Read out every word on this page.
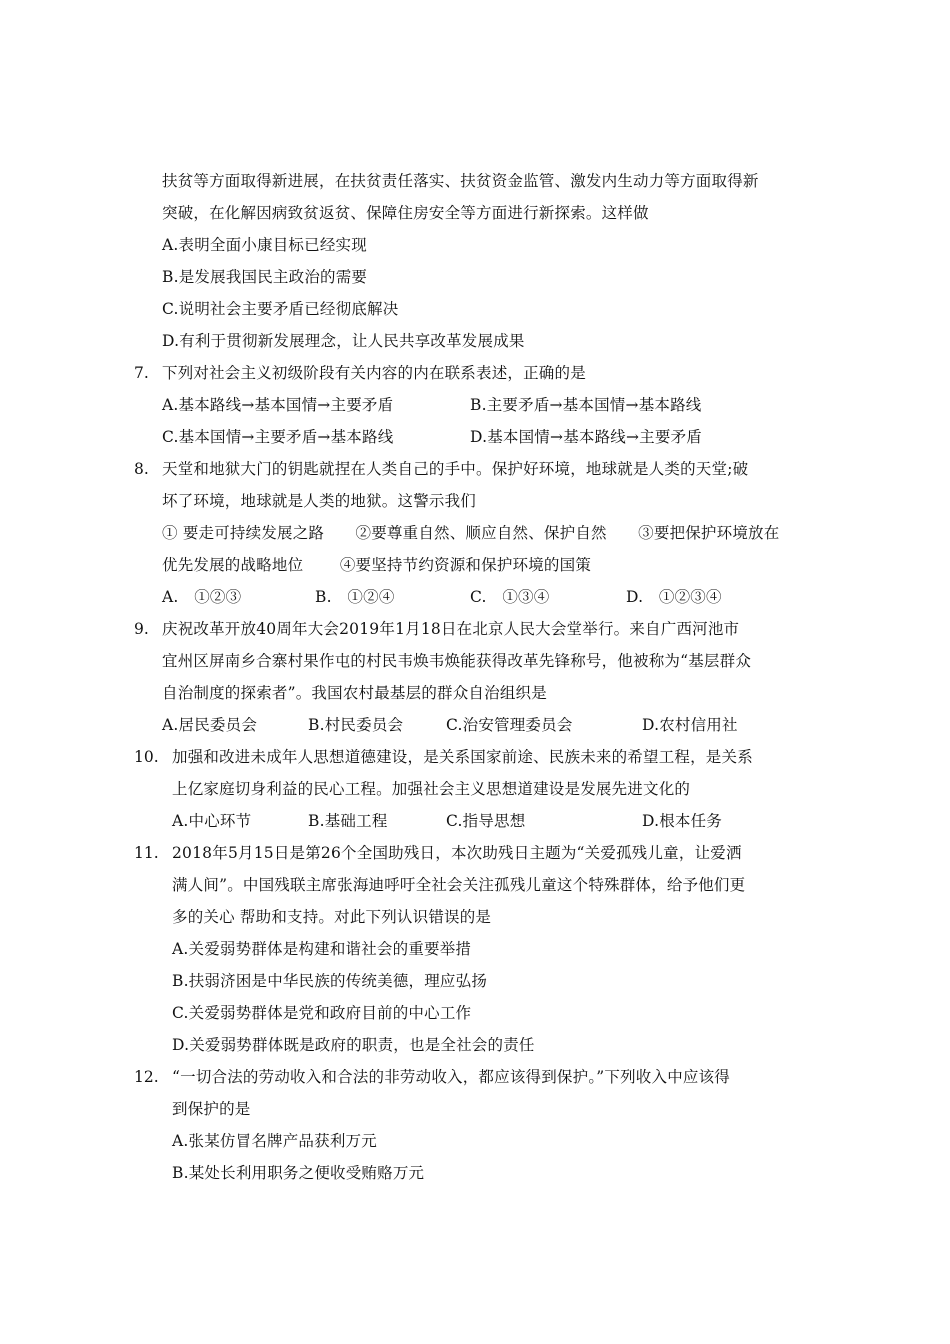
扶贫等方面取得新进展，在扶贫责任落实、扶贫资金监管、激发内生动力等方面取得新
突破，在化解因病致贫返贫、保障住房安全等方面进行新探索。这样做
A.表明全面小康目标已经实现
B.是发展我国民主政治的需要
C.说明社会主要矛盾已经彻底解决
D.有利于贯彻新发展理念，让人民共享改革发展成果
7. 下列对社会主义初级阶段有关内容的内在联系表述，正确的是
A.基本路线→基本国情→主要矛盾	B.主要矛盾→基本国情→基本路线
C.基本国情→主要矛盾→基本路线	D.基本国情→基本路线→主要矛盾
8. 天堂和地狱大门的钥匙就捏在人类自己的手中。保护好环境，地球就是人类的天堂;破
坏了环境，地球就是人类的地狱。这警示我们
① 要走可持续发展之路　　②要尊重自然、顺应自然、保护自然　　③要把保护环境放在
优先发展的战略地位　　 ④要坚持节约资源和保护环境的国策
A.　①②③	B.　①②④	C.　①③④	D.　①②③④
9. 庆祝改革开放40周年大会2019年1月18日在北京人民大会堂举行。来自广西河池市
宜州区屏南乡合寨村果作屯的村民韦焕韦焕能获得改革先锋称号，他被称为“基层群众
自治制度的探索者”。我国农村最基层的群众自治组织是
A.居民委员会	B.村民委员会	C.治安管理委员会	D.农村信用社
10. 加强和改进未成年人思想道德建设，是关系国家前途、民族未来的希望工程，是关系
上亿家庭切身利益的民心工程。加强社会主义思想道建设是发展先进文化的
A.中心环节	B.基础工程	C.指导思想	D.根本任务
11. 2018年5月15日是第26个全国助残日，本次助残日主题为“关爱孤残儿童，让爱洒
满人间”。中国残联主席张海迪呼吁全社会关注孤残儿童这个特殊群体，给予他们更
多的关心 帮助和支持。对此下列认识错误的是
A.关爱弱势群体是构建和谐社会的重要举措
B.扶弱济困是中华民族的传统美德，理应弘扬
C.关爱弱势群体是党和政府目前的中心工作
D.关爱弱势群体既是政府的职责，也是全社会的责任
12. “一切合法的劳动收入和合法的非劳动收入，都应该得到保护。”下列收入中应该得
到保护的是
A.张某仿冒名牌产品获利万元
B.某处长利用职务之便收受贿赂万元
